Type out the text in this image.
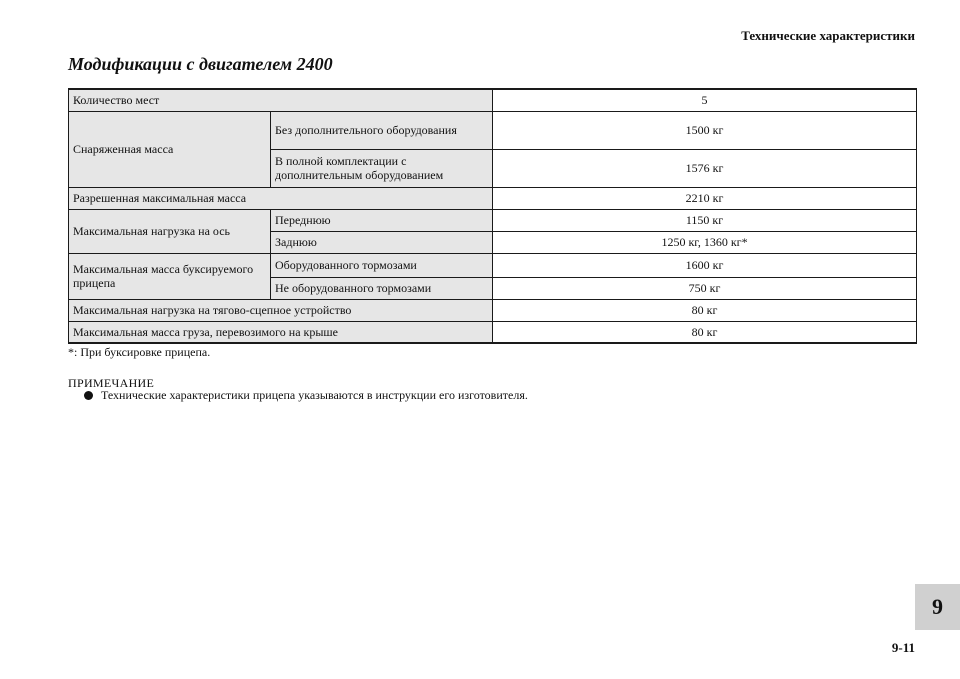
Технические характеристики
Модификации с двигателем 2400
Количество мест		5
Снаряженная масса	Без дополнительного оборудования	1500 кг
	В полной комплектации с дополнительным оборудованием	1576 кг
Разрешенная максимальная масса		2210 кг
Максимальная нагрузка на ось	Переднюю	1150 кг
	Заднюю	1250 кг, 1360 кг*
Максимальная масса буксируемого прицепа	Оборудованного тормозами	1600 кг
	Не оборудованного тормозами	750 кг
Максимальная нагрузка на тягово-сцепное устройство		80 кг
Максимальная масса груза, перевозимого на крыше		80 кг
*: При буксировке прицепа.
ПРИМЕЧАНИЕ
Технические характеристики прицепа указываются в инструкции его изготовителя.
9
9-11
